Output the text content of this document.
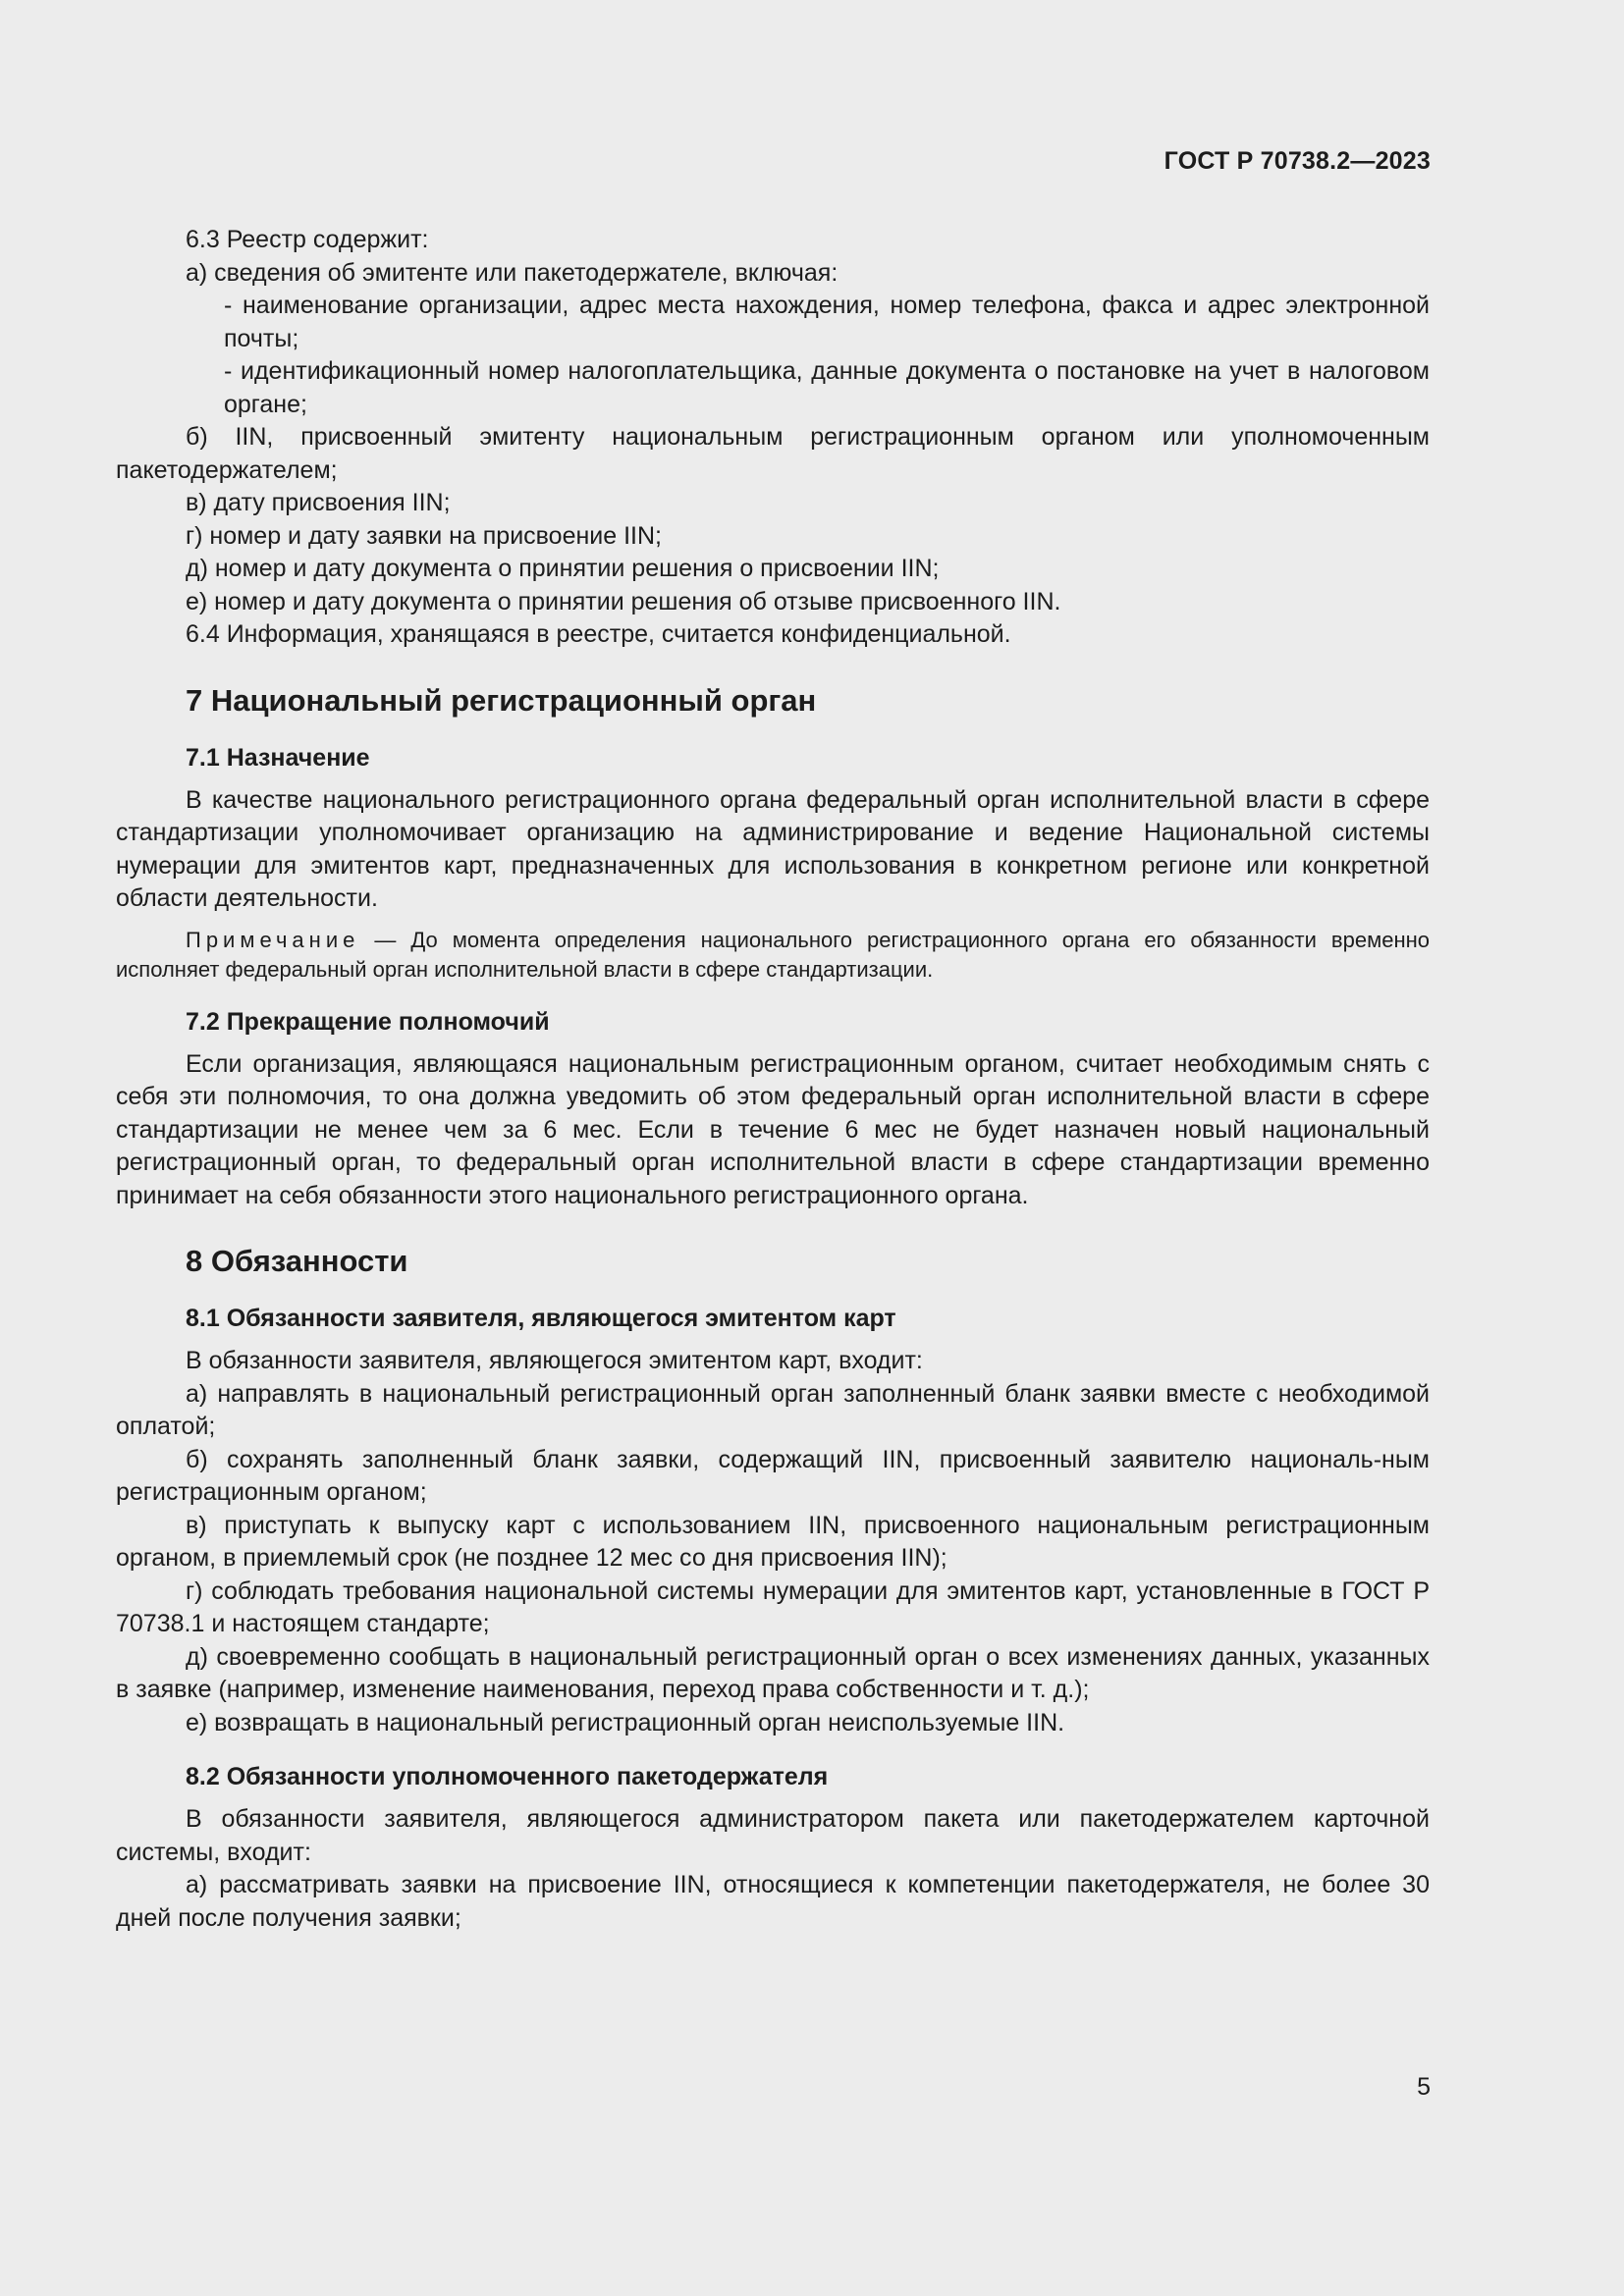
ГОСТ Р 70738.2—2023

6.3 Реестр содержит:

а) сведения об эмитенте или пакетодержателе, включая:

- наименование организации, адрес места нахождения, номер телефона, факса и адрес электронной почты;

- идентификационный номер налогоплательщика, данные документа о постановке на учет в налоговом органе;

б) IIN, присвоенный эмитенту национальным регистрационным органом или уполномоченным пакетодержателем;

в) дату присвоения IIN;

г) номер и дату заявки на присвоение IIN;

д) номер и дату документа о принятии решения о присвоении IIN;

е) номер и дату документа о принятии решения об отзыве присвоенного IIN.

6.4 Информация, хранящаяся в реестре, считается конфиденциальной.

7 Национальный регистрационный орган
7.1 Назначение

В качестве национального регистрационного органа федеральный орган исполнительной власти в сфере стандартизации уполномочивает организацию на администрирование и ведение Национальной системы нумерации для эмитентов карт, предназначенных для использования в конкретном регионе или конкретной области деятельности.

Примечание — До момента определения национального регистрационного органа его обязанности временно исполняет федеральный орган исполнительной власти в сфере стандартизации.

7.2 Прекращение полномочий

Если организация, являющаяся национальным регистрационным органом, считает необходимым снять с себя эти полномочия, то она должна уведомить об этом федеральный орган исполнительной власти в сфере стандартизации не менее чем за 6 мес. Если в течение 6 мес не будет назначен новый национальный регистрационный орган, то федеральный орган исполнительной власти в сфере стандартизации временно принимает на себя обязанности этого национального регистрационного органа.

8 Обязанности
8.1 Обязанности заявителя, являющегося эмитентом карт

В обязанности заявителя, являющегося эмитентом карт, входит:

а) направлять в национальный регистрационный орган заполненный бланк заявки вместе с необходимой оплатой;

б) сохранять заполненный бланк заявки, содержащий IIN, присвоенный заявителю националь-ным регистрационным органом;

в) приступать к выпуску карт с использованием IIN, присвоенного национальным регистрационным органом, в приемлемый срок (не позднее 12 мес со дня присвоения IIN);

г) соблюдать требования национальной системы нумерации для эмитентов карт, установленные в ГОСТ Р 70738.1 и настоящем стандарте;

д) своевременно сообщать в национальный регистрационный орган о всех изменениях данных, указанных в заявке (например, изменение наименования, переход права собственности и т. д.);

е) возвращать в национальный регистрационный орган неиспользуемые IIN.

8.2 Обязанности уполномоченного пакетодержателя

В обязанности заявителя, являющегося администратором пакета или пакетодержателем карточной системы, входит:

а) рассматривать заявки на присвоение IIN, относящиеся к компетенции пакетодержателя, не более 30 дней после получения заявки;

5
